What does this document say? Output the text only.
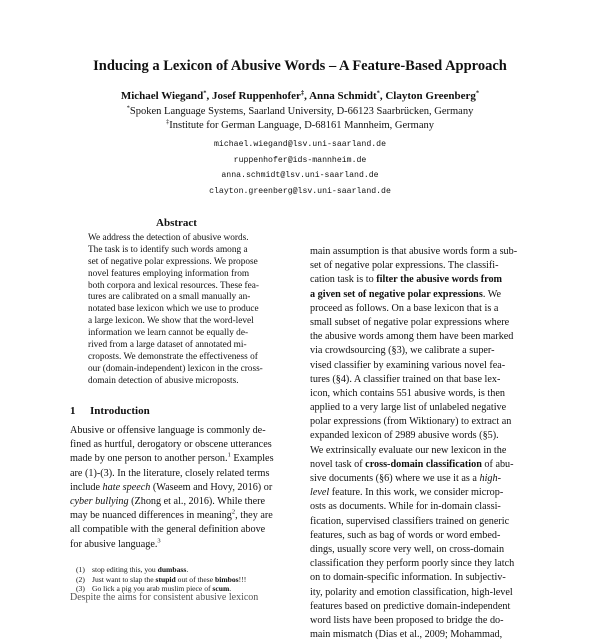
Inducing a Lexicon of Abusive Words – A Feature-Based Approach
Michael Wiegand*, Josef Ruppenhofer‡, Anna Schmidt*, Clayton Greenberg*
*Spoken Language Systems, Saarland University, D-66123 Saarbrücken, Germany
‡Institute for German Language, D-68161 Mannheim, Germany
michael.wiegand@lsv.uni-saarland.de
ruppenhofer@ids-mannheim.de
anna.schmidt@lsv.uni-saarland.de
clayton.greenberg@lsv.uni-saarland.de
Abstract
We address the detection of abusive words.
The task is to identify such words among a
set of negative polar expressions. We propose
novel features employing information from
both corpora and lexical resources. These fea-
tures are calibrated on a small manually an-
notated base lexicon which we use to produce
a large lexicon. We show that the word-level
information we learn cannot be equally de-
rived from a large dataset of annotated mi-
croposts. We demonstrate the effectiveness of
our (domain-independent) lexicon in the cross-
domain detection of abusive microposts.
1 Introduction
Abusive or offensive language is commonly de-
fined as hurtful, derogatory or obscene utterances
made by one person to another person.$^1$ Examples
are (1)-(3). In the literature, closely related terms
include hate speech (Waseem and Hovy, 2016) or
cyber bullying (Zhong et al., 2016). While there
may be nuanced differences in meaning$^2$, they are
all compatible with the general definition above
for abusive language.$^3$
(1) stop editing this, you dumbass.
(2) Just want to slap the stupid out of these bimbos!!!
(3) Go lick a pig you arab muslim piece of scum.
main assumption is that abusive words form a sub-
set of negative polar expressions. The classifi-
cation task is to filter the abusive words from
a given set of negative polar expressions. We
proceed as follows. On a base lexicon that is a
small subset of negative polar expressions where
the abusive words among them have been marked
via crowdsourcing (§3), we calibrate a super-
vised classifier by examining various novel fea-
tures (§4). A classifier trained on that base lex-
icon, which contains 551 abusive words, is then
applied to a very large list of unlabeled negative
polar expressions (from Wiktionary) to extract an
expanded lexicon of 2989 abusive words (§5).
We extrinsically evaluate our new lexicon in the
novel task of cross-domain classification of abu-
sive documents (§6) where we use it as a high-
level feature. In this work, we consider microp-
osts as documents. While for in-domain classi-
fication, supervised classifiers trained on generic
features, such as bag of words or word embed-
dings, usually score very well, on cross-domain
classification they perform poorly since they latch
on to domain-specific information. In subjectiv-
ity, polarity and emotion classification, high-level
features based on predictive domain-independent
word lists have been proposed to bridge the do-
main mismatch (Dias et al., 2009; Mohammad,
Despite the aims for consistent abusive lexicon
